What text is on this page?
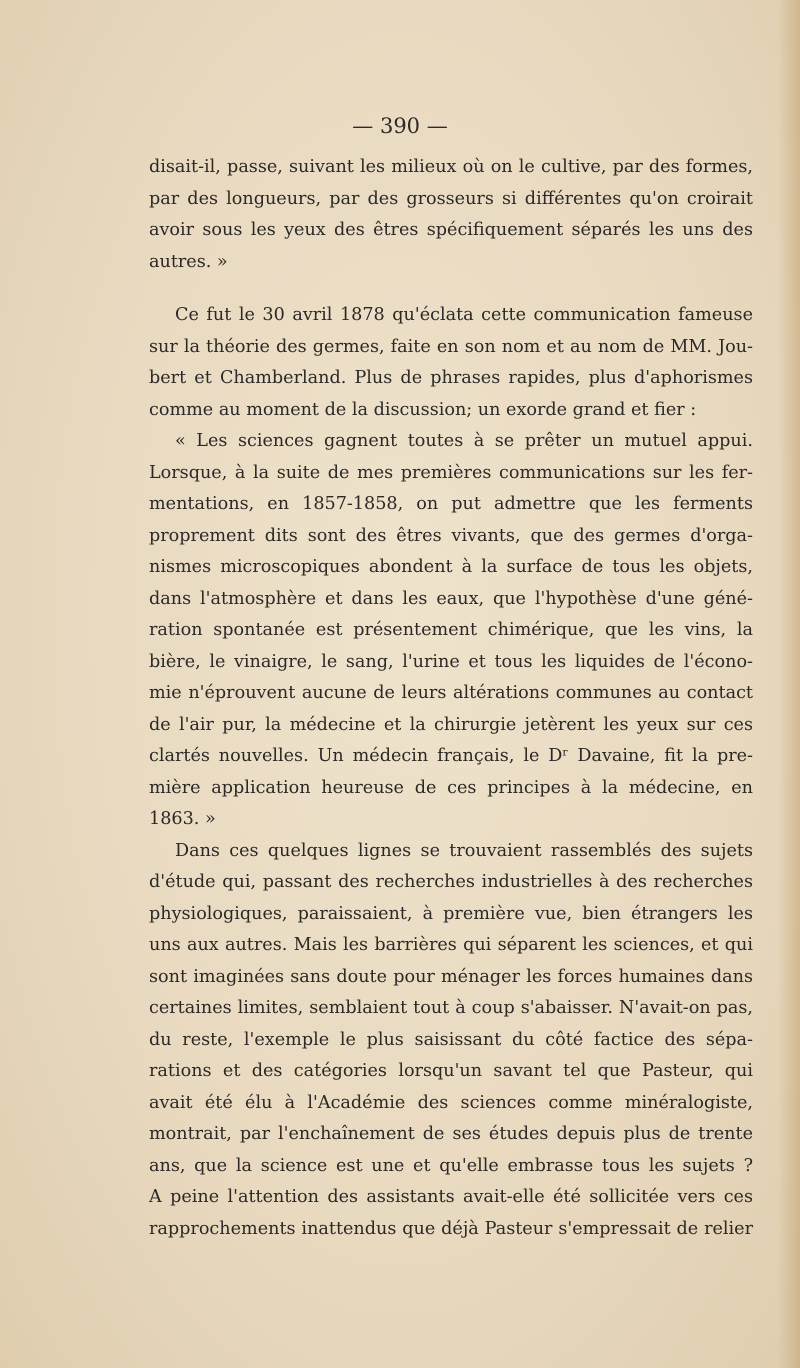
— 390 —
disait-il, passe, suivant les milieux où on le cultive, par des formes,
par des longueurs, par des grosseurs si différentes qu'on croirait
avoir sous les yeux des êtres spécifiquement séparés les uns des
autres. »
Ce fut le 30 avril 1878 qu'éclata cette communication fameuse
sur la théorie des germes, faite en son nom et au nom de MM. Jou-
bert et Chamberland. Plus de phrases rapides, plus d'aphorismes
comme au moment de la discussion; un exorde grand et fier :
« Les sciences gagnent toutes à se prêter un mutuel appui.
Lorsque, à la suite de mes premières communications sur les fer-
mentations, en 1857-1858, on put admettre que les ferments
proprement dits sont des êtres vivants, que des germes d'orga-
nismes microscopiques abondent à la surface de tous les objets,
dans l'atmosphère et dans les eaux, que l'hypothèse d'une géné-
ration spontanée est présentement chimérique, que les vins, la
bière, le vinaigre, le sang, l'urine et tous les liquides de l'écono-
mie n'éprouvent aucune de leurs altérations communes au contact
de l'air pur, la médecine et la chirurgie jetèrent les yeux sur ces
clartés nouvelles. Un médecin français, le Dʳ Davaine, fit la pre-
mière application heureuse de ces principes à la médecine, en
1863. »
Dans ces quelques lignes se trouvaient rassemblés des sujets
d'étude qui, passant des recherches industrielles à des recherches
physiologiques, paraissaient, à première vue, bien étrangers les
uns aux autres. Mais les barrières qui séparent les sciences, et qui
sont imaginées sans doute pour ménager les forces humaines dans
certaines limites, semblaient tout à coup s'abaisser. N'avait-on pas,
du reste, l'exemple le plus saisissant du côté factice des sépa-
rations et des catégories lorsqu'un savant tel que Pasteur, qui
avait été élu à l'Académie des sciences comme minéralogiste,
montrait, par l'enchaînement de ses études depuis plus de trente
ans, que la science est une et qu'elle embrasse tous les sujets ?
A peine l'attention des assistants avait-elle été sollicitée vers ces
rapprochements inattendus que déjà Pasteur s'empressait de relier
